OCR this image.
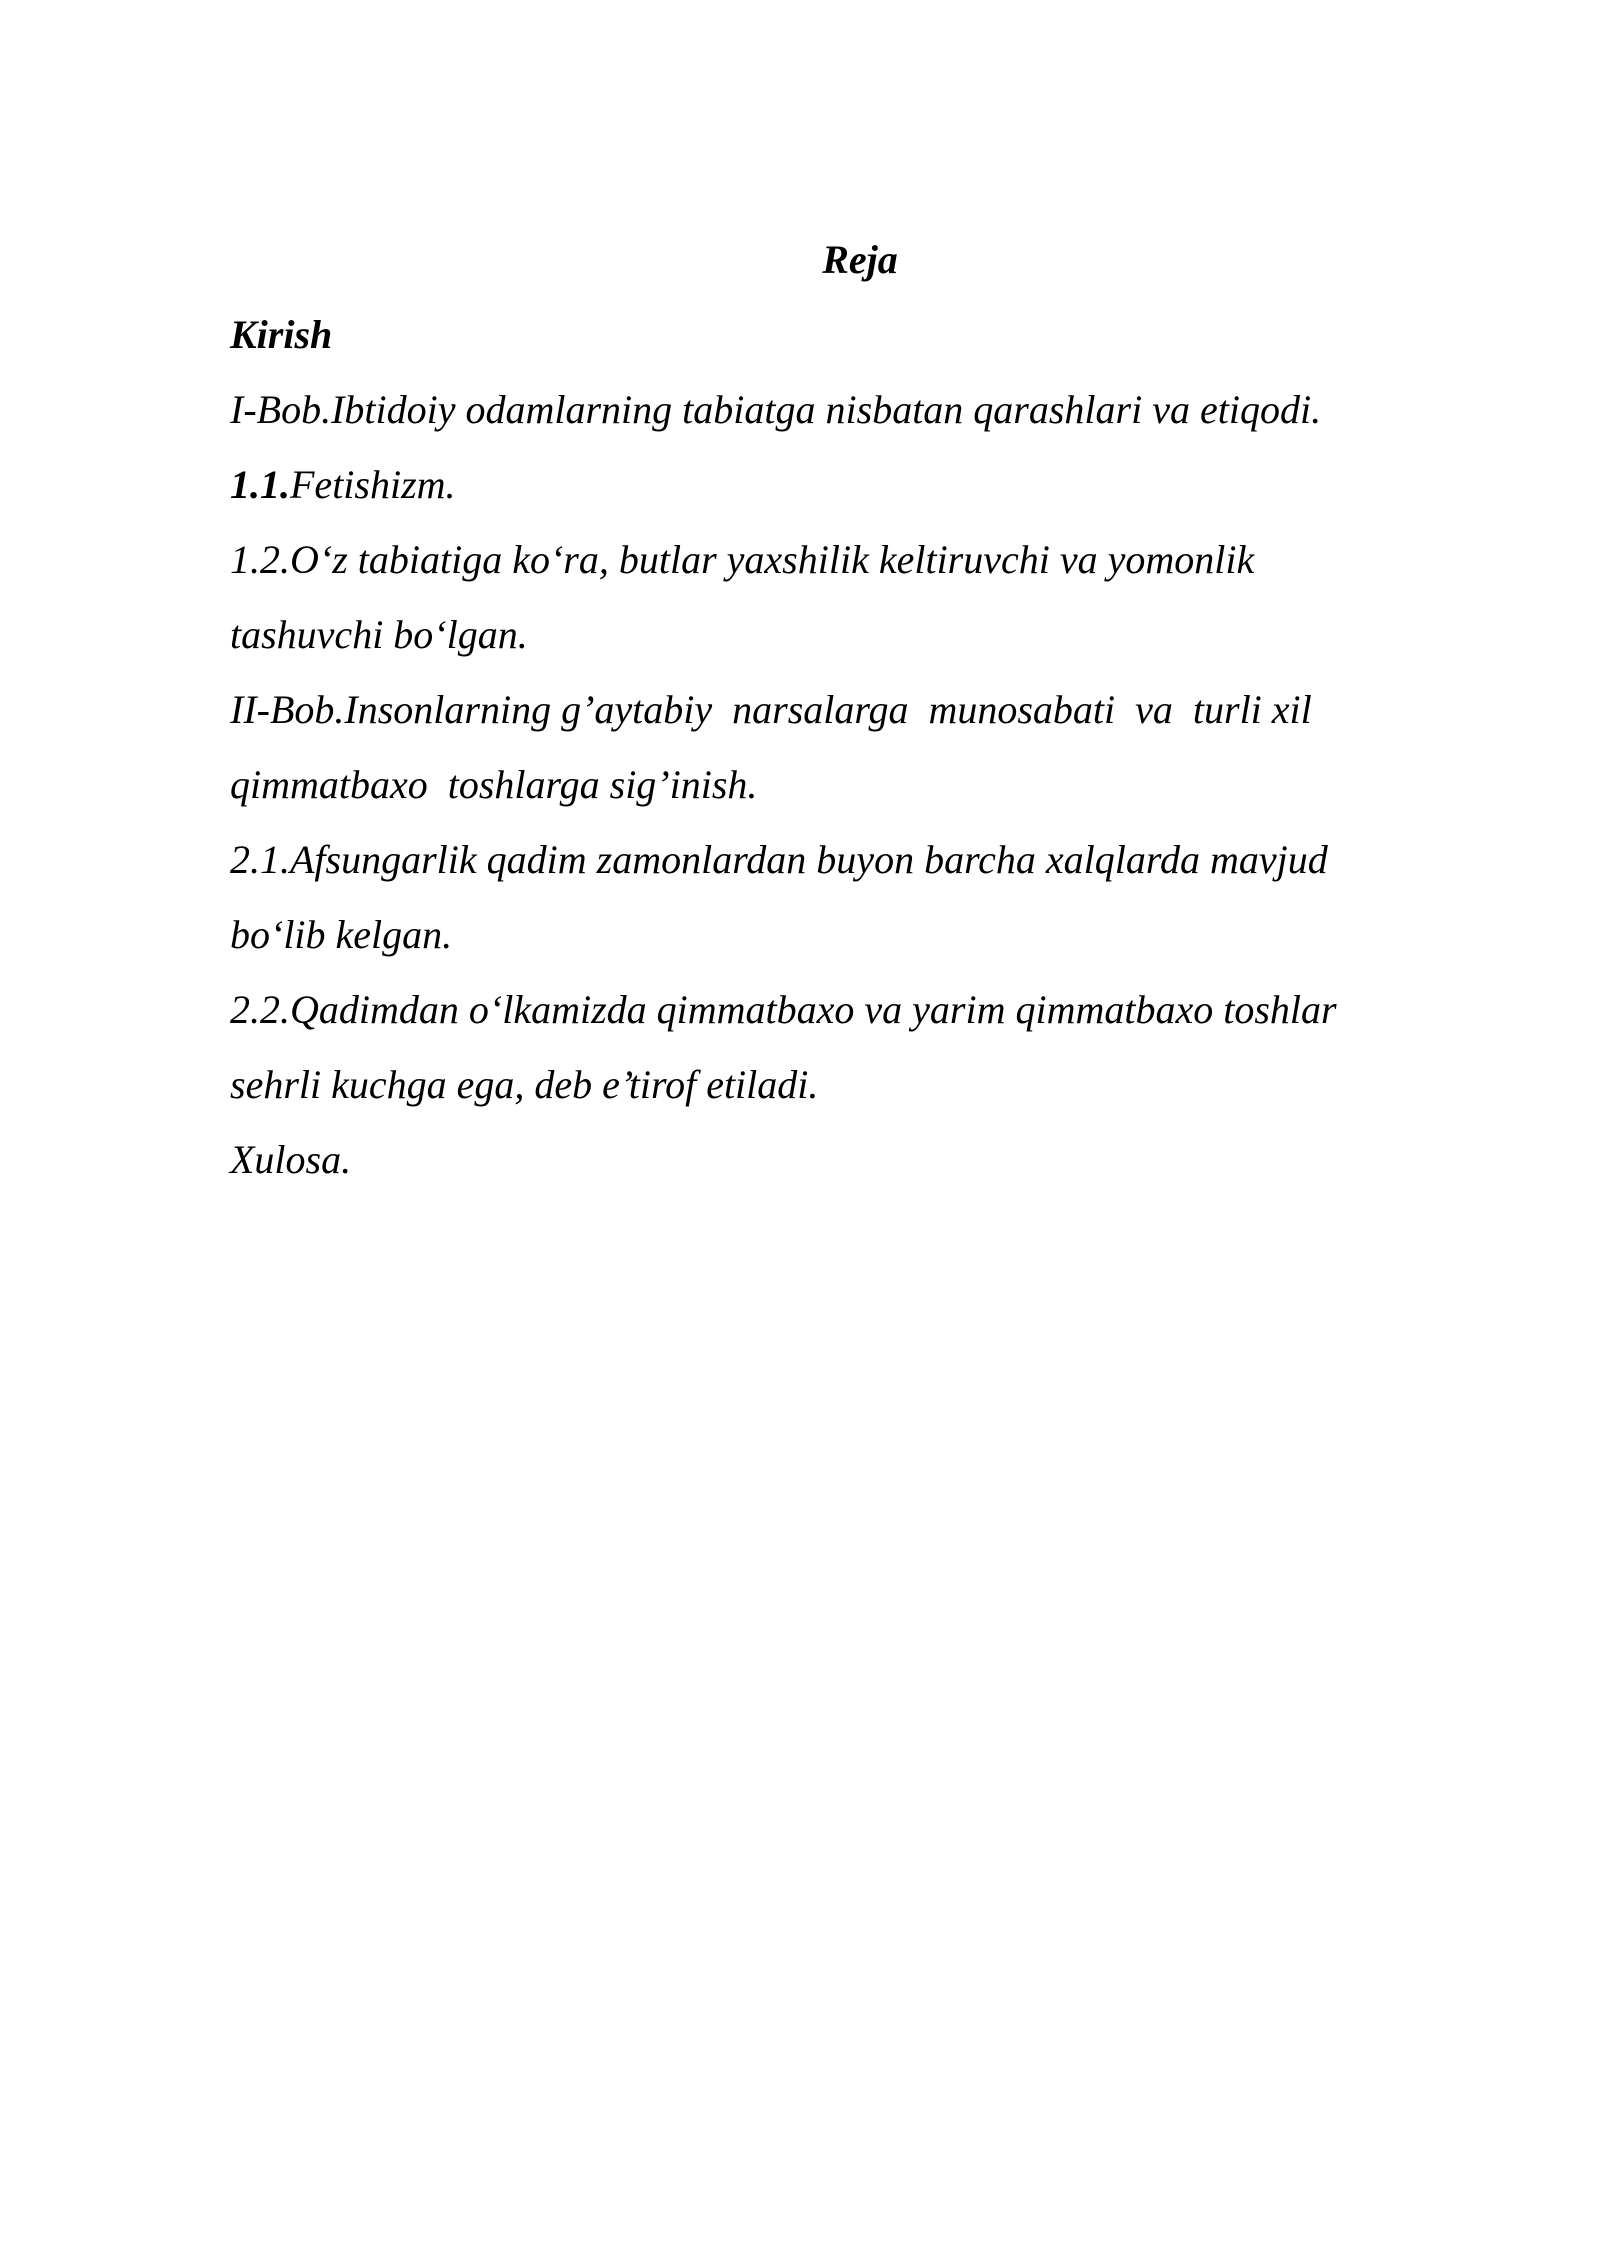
Reja

Kirish

I-Bob.Ibtidoiy odamlarning tabiatga nisbatan qarashlari va etiqodi.

1.1.Fetishizm.

1.2.O‘z tabiatiga ko‘ra, butlar yaxshilik keltiruvchi va yomonlik

tashuvchi bo‘lgan.

II-Bob.Insonlarning g’aytabiy  narsalarga  munosabati  va  turli xil

qimmatbaxo  toshlarga sig’inish.

2.1.Afsungarlik qadim zamonlardan buyon barcha xalqlarda mavjud

bo‘lib kelgan.

2.2.Qadimdan o‘lkamizda qimmatbaxo va yarim qimmatbaxo toshlar

sehrli kuchga ega, deb e’tirof etiladi.

Xulosa.
